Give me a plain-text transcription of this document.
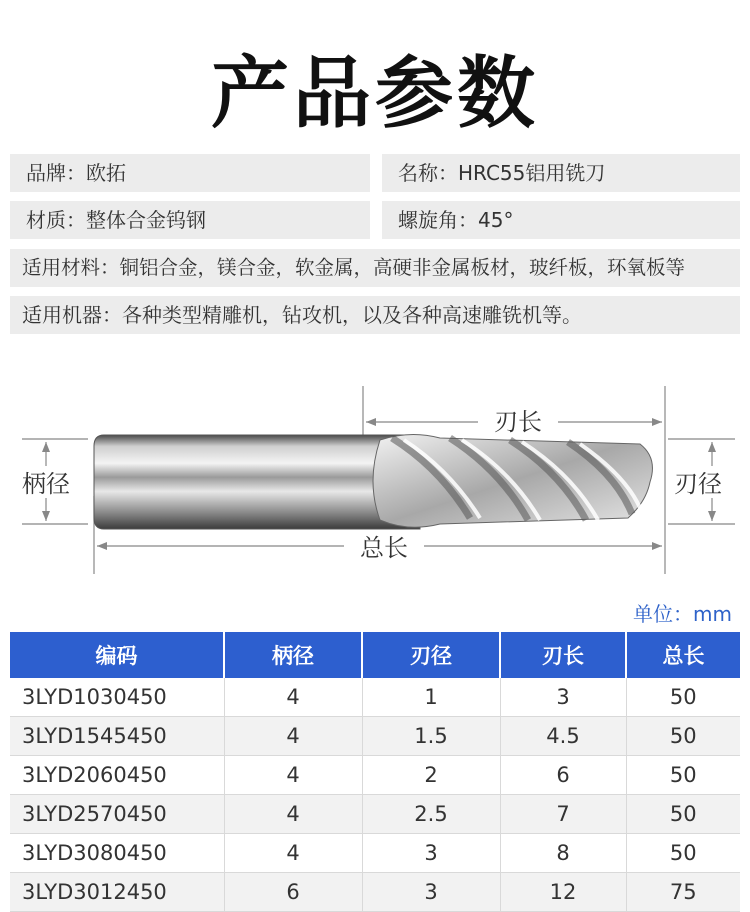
产品参数
品牌：欧拓	名称：HRC55铝用铣刀
材质：整体合金钨钢	螺旋角：45°
适用材料：铜铝合金，镁合金，软金属，高硬非金属板材，玻纤板，环氧板等
适用机器：各种类型精雕机，钻攻机，以及各种高速雕铣机等。
刃长
柄径	刃径
总长
单位：mm
编码	柄径	刃径	刃长	总长
3LYD1030450	4	1	3	50
3LYD1545450	4	1.5	4.5	50
3LYD2060450	4	2	6	50
3LYD2570450	4	2.5	7	50
3LYD3080450	4	3	8	50
3LYD3012450	6	3	12	75
